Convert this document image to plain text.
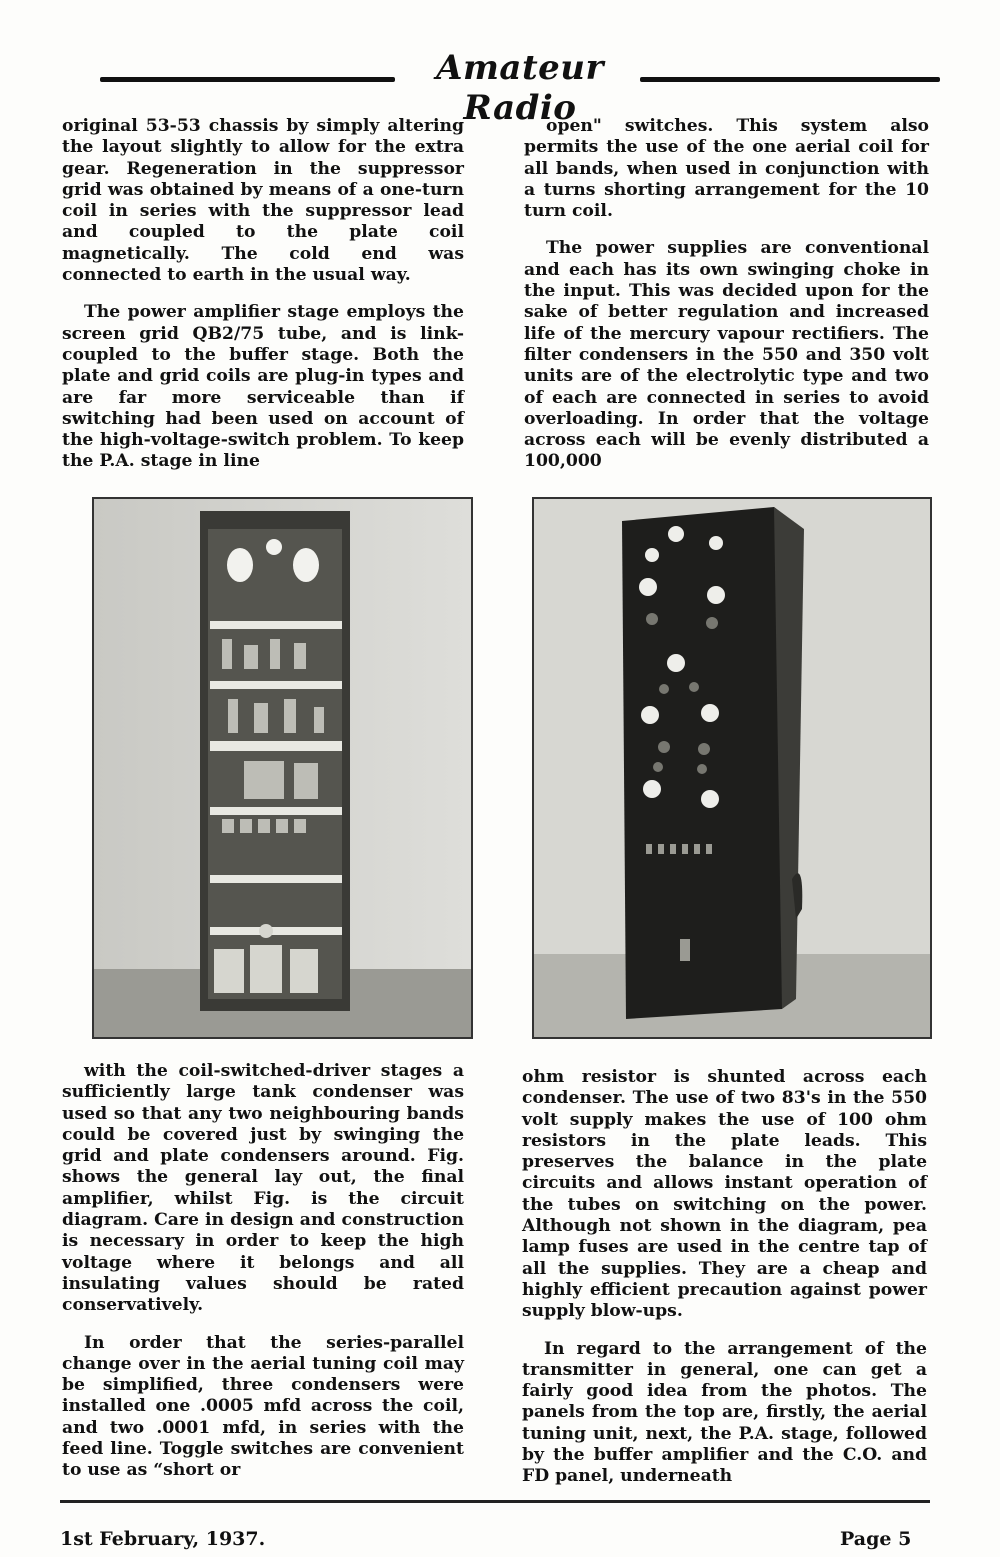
Amateur Radio

original 53-53 chassis by simply altering the layout slightly to allow for the extra gear. Regeneration in the suppressor grid was obtained by means of a one-turn coil in series with the suppressor lead and coupled to the plate coil magnetically. The cold end was connected to earth in the usual way.

The power amplifier stage employs the screen grid QB2/75 tube, and is link-coupled to the buffer stage. Both the plate and grid coils are plug-in types and are far more serviceable than if switching had been used on account of the high-voltage-switch problem. To keep the P.A. stage in line

open" switches. This system also permits the use of the one aerial coil for all bands, when used in conjunction with a turns shorting arrangement for the 10 turn coil.

The power supplies are conventional and each has its own swinging choke in the input. This was decided upon for the sake of better regulation and increased life of the mercury vapour rectifiers. The filter condensers in the 550 and 350 volt units are of the electrolytic type and two of each are connected in series to avoid overloading. In order that the voltage across each will be evenly distributed a 100,000

with the coil-switched-driver stages a sufficiently large tank condenser was used so that any two neighbouring bands could be covered just by swinging the grid and plate condensers around. Fig. shows the general lay out, the final amplifier, whilst Fig. is the circuit diagram. Care in design and construction is necessary in order to keep the high voltage where it belongs and all insulating values should be rated conservatively.

In order that the series-parallel change over in the aerial tuning coil may be simplified, three condensers were installed one .0005 mfd across the coil, and two .0001 mfd, in series with the feed line. Toggle switches are convenient to use as “short or

ohm resistor is shunted across each condenser. The use of two 83's in the 550 volt supply makes the use of 100 ohm resistors in the plate leads. This preserves the balance in the plate circuits and allows instant operation of the tubes on switching on the power. Although not shown in the diagram, pea lamp fuses are used in the centre tap of all the supplies. They are a cheap and highly efficient precaution against power supply blow-ups.

In regard to the arrangement of the transmitter in general, one can get a fairly good idea from the photos. The panels from the top are, firstly, the aerial tuning unit, next, the P.A. stage, followed by the buffer amplifier and the C.O. and FD panel, underneath

1st February, 1937.	Page 5
